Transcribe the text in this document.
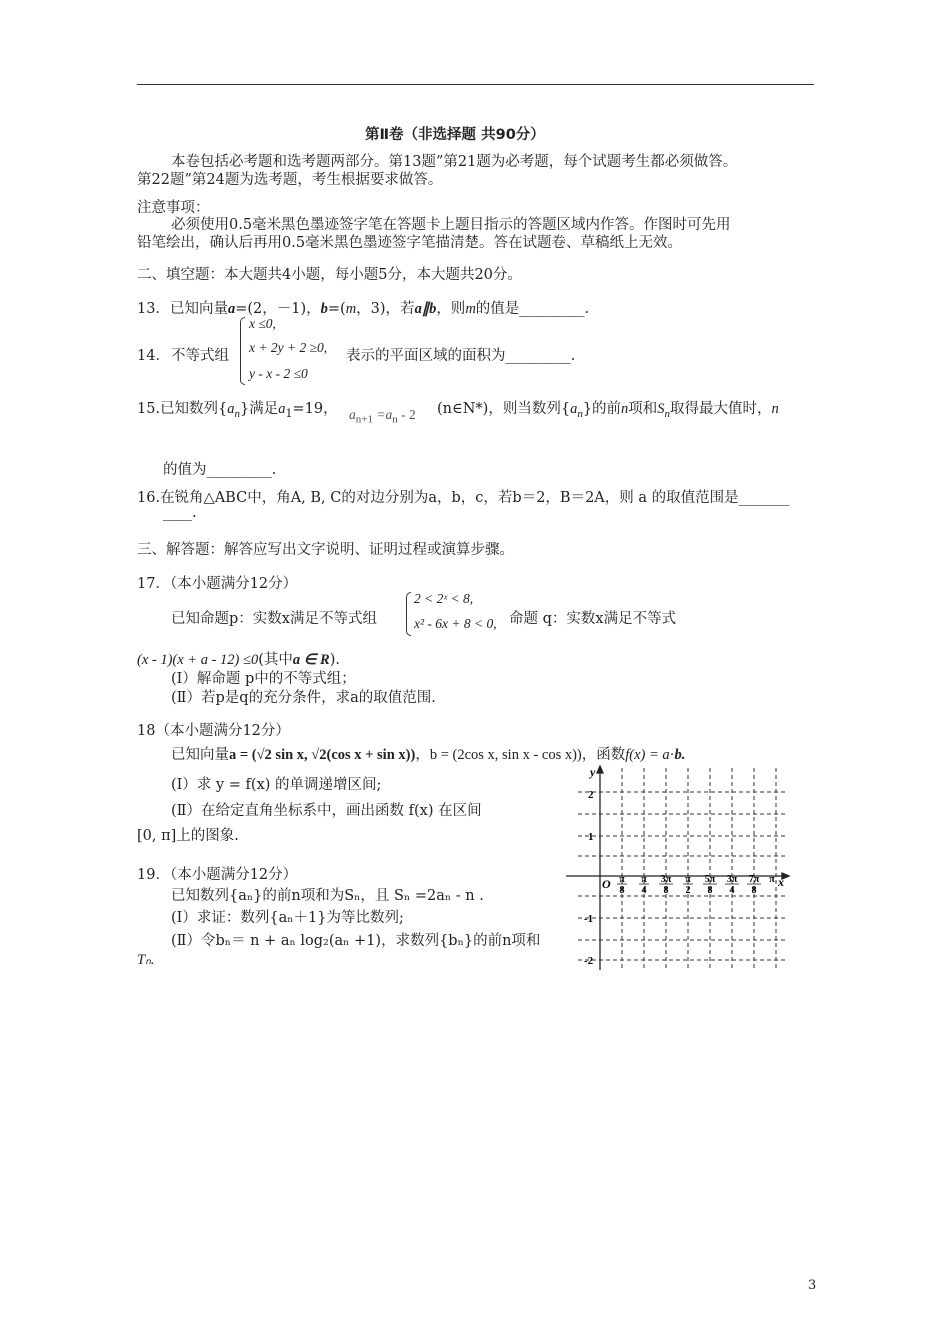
第Ⅱ卷（非选择题 共90分）
本卷包括必考题和选考题两部分。第13题”第21题为必考题，每个试题考生都必须做答。
第22题”第24题为选考题，考生根据要求做答。
注意事项：
必须使用0.5毫米黑色墨迹签字笔在答题卡上题目指示的答题区域内作答。作图时可先用
铅笔绘出，确认后再用0.5毫米黑色墨迹签字笔描清楚。答在试题卷、草稿纸上无效。
二、填空题：本大题共4小题，每小题5分，本大题共20分。
13．已知向量a=(2，－1)，b=(m，3)，若a∥b，则m的值是_________.
14． 不等式组
x ≤0,
x + 2y + 2 ≥0,
y - x - 2 ≤0
表示的平面区域的面积为_________.
15.已知数列$\{a_n\}$满足$a_1=19$， $a_{n+1} =a_n - 2$ (n∈N*)，则当数列$\{a_n\}$的前n项和$S_n$取得最大值时，n
的值为_________.
16.在锐角△ABC中，角A, B, C的对边分别为a，b，c，若b＝2，B＝2A，则 a 的取值范围是_______
____.
三、解答题：解答应写出文字说明、证明过程或演算步骤。
17．（本小题满分12分）
已知命题p：实数x满足不等式组
2 < 2ˣ < 8,
x² - 6x + 8 < 0, 命题 q：实数x满足不等式
(x - 1)(x + a - 12) ≤0(其中a ∈ R).
(Ⅰ）解命题 p中的不等式组；
(Ⅱ）若p是q的充分条件，求a的取值范围.
18（本小题满分12分）
已知向量a = (√2 sin x, √2(cos x + sin x))，b = (2cos x, sin x - cos x))，函数f(x) = a·b.
(Ⅰ）求 y = f(x) 的单调递增区间;
(Ⅱ）在给定直角坐标系中，画出函数 f(x) 在区间
[0, π]上的图象.
19．（本小题满分12分）
已知数列{aₙ}的前n项和为Sₙ，且 Sₙ =2aₙ - n .
(Ⅰ）求证：数列{aₙ＋1}为等比数列;
(Ⅱ）令bₙ＝ n + aₙ log₂(aₙ +1)，求数列{bₙ}的前n项和
Tₙ.
y
x
O
2
1
-1
-2
π
8
π
4
3π
8
π
2
5π
8
3π
4
7π
8
π
3
